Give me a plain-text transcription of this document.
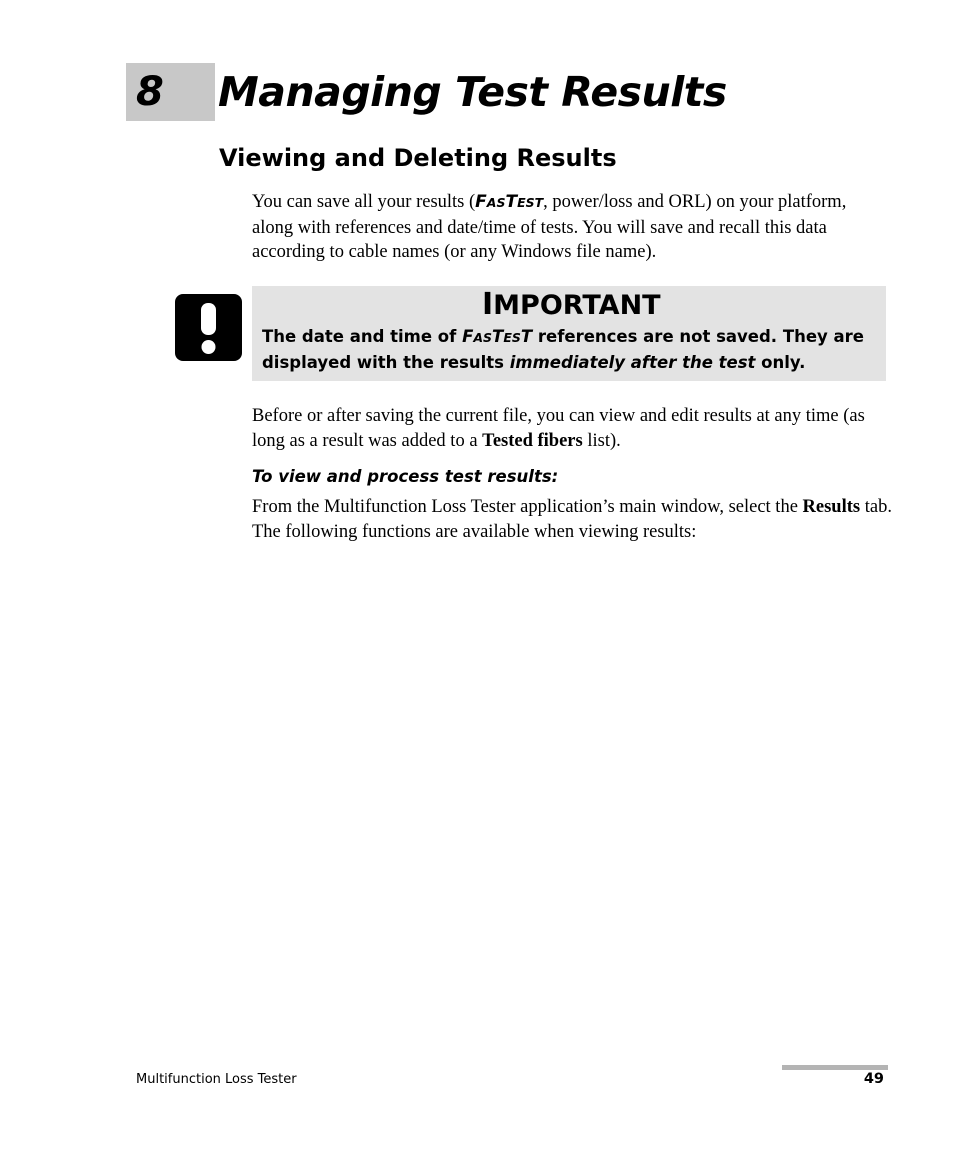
8 Managing Test Results
Viewing and Deleting Results
You can save all your results (FASTEST, power/loss and ORL) on your platform, along with references and date/time of tests. You will save and recall this data according to cable names (or any Windows file name).
IMPORTANT
The date and time of FASTEST references are not saved. They are displayed with the results immediately after the test only.
Before or after saving the current file, you can view and edit results at any time (as long as a result was added to a Tested fibers list).
To view and process test results:
From the Multifunction Loss Tester application’s main window, select the Results tab. The following functions are available when viewing results:
Multifunction Loss Tester	49
